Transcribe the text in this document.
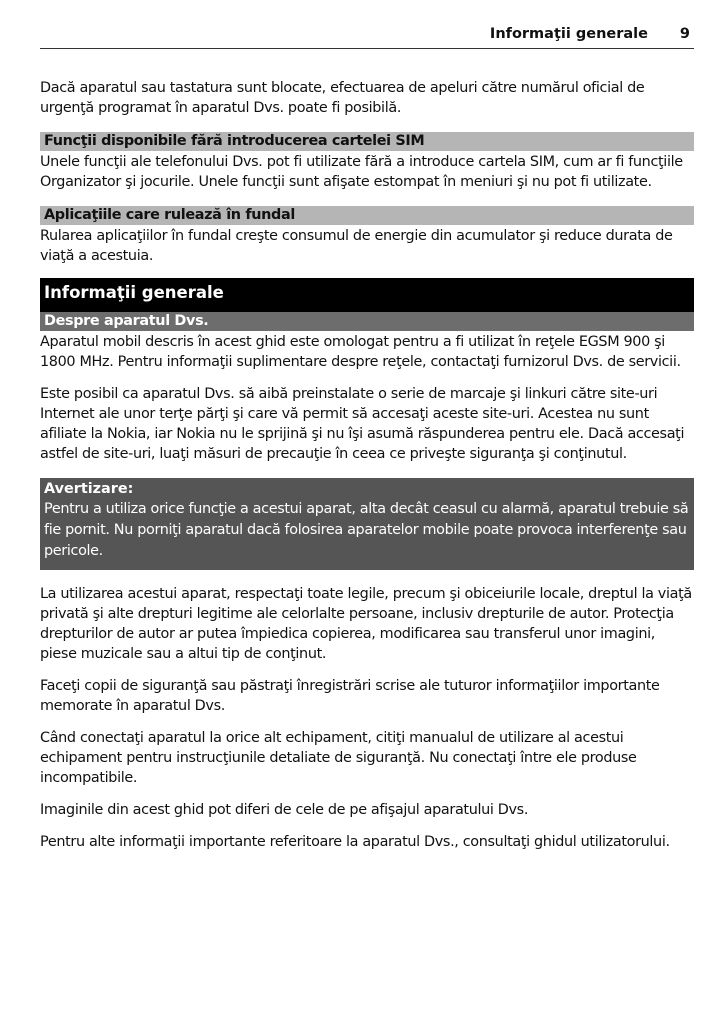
Informaţii generale 9

Dacă aparatul sau tastatura sunt blocate, efectuarea de apeluri către numărul oficial de urgenţă programat în aparatul Dvs. poate fi posibilă.

Funcţii disponibile fără introducerea cartelei SIM

Unele funcţii ale telefonului Dvs. pot fi utilizate fără a introduce cartela SIM, cum ar fi funcţiile Organizator şi jocurile. Unele funcţii sunt afişate estompat în meniuri şi nu pot fi utilizate.

Aplicaţiile care rulează în fundal

Rularea aplicaţiilor în fundal creşte consumul de energie din acumulator şi reduce durata de viaţă a acestuia.

Informaţii generale
Despre aparatul Dvs.

Aparatul mobil descris în acest ghid este omologat pentru a fi utilizat în reţele EGSM 900 şi 1800 MHz. Pentru informaţii suplimentare despre reţele, contactaţi furnizorul Dvs. de servicii.

Este posibil ca aparatul Dvs. să aibă preinstalate o serie de marcaje şi linkuri către site-uri Internet ale unor terţe părţi şi care vă permit să accesaţi aceste site-uri. Acestea nu sunt afiliate la Nokia, iar Nokia nu le sprijină şi nu îşi asumă răspunderea pentru ele. Dacă accesaţi astfel de site-uri, luaţi măsuri de precauţie în ceea ce priveşte siguranţa şi conţinutul.

Avertizare:
Pentru a utiliza orice funcţie a acestui aparat, alta decât ceasul cu alarmă, aparatul trebuie să fie pornit. Nu porniţi aparatul dacă folosirea aparatelor mobile poate provoca interferenţe sau pericole.

La utilizarea acestui aparat, respectaţi toate legile, precum şi obiceiurile locale, dreptul la viaţă privată şi alte drepturi legitime ale celorlalte persoane, inclusiv drepturile de autor. Protecţia drepturilor de autor ar putea împiedica copierea, modificarea sau transferul unor imagini, piese muzicale sau a altui tip de conţinut.

Faceţi copii de siguranţă sau păstraţi înregistrări scrise ale tuturor informaţiilor importante memorate în aparatul Dvs.

Când conectaţi aparatul la orice alt echipament, citiţi manualul de utilizare al acestui echipament pentru instrucţiunile detaliate de siguranţă. Nu conectaţi între ele produse incompatibile.

Imaginile din acest ghid pot diferi de cele de pe afişajul aparatului Dvs.

Pentru alte informaţii importante referitoare la aparatul Dvs., consultaţi ghidul utilizatorului.
